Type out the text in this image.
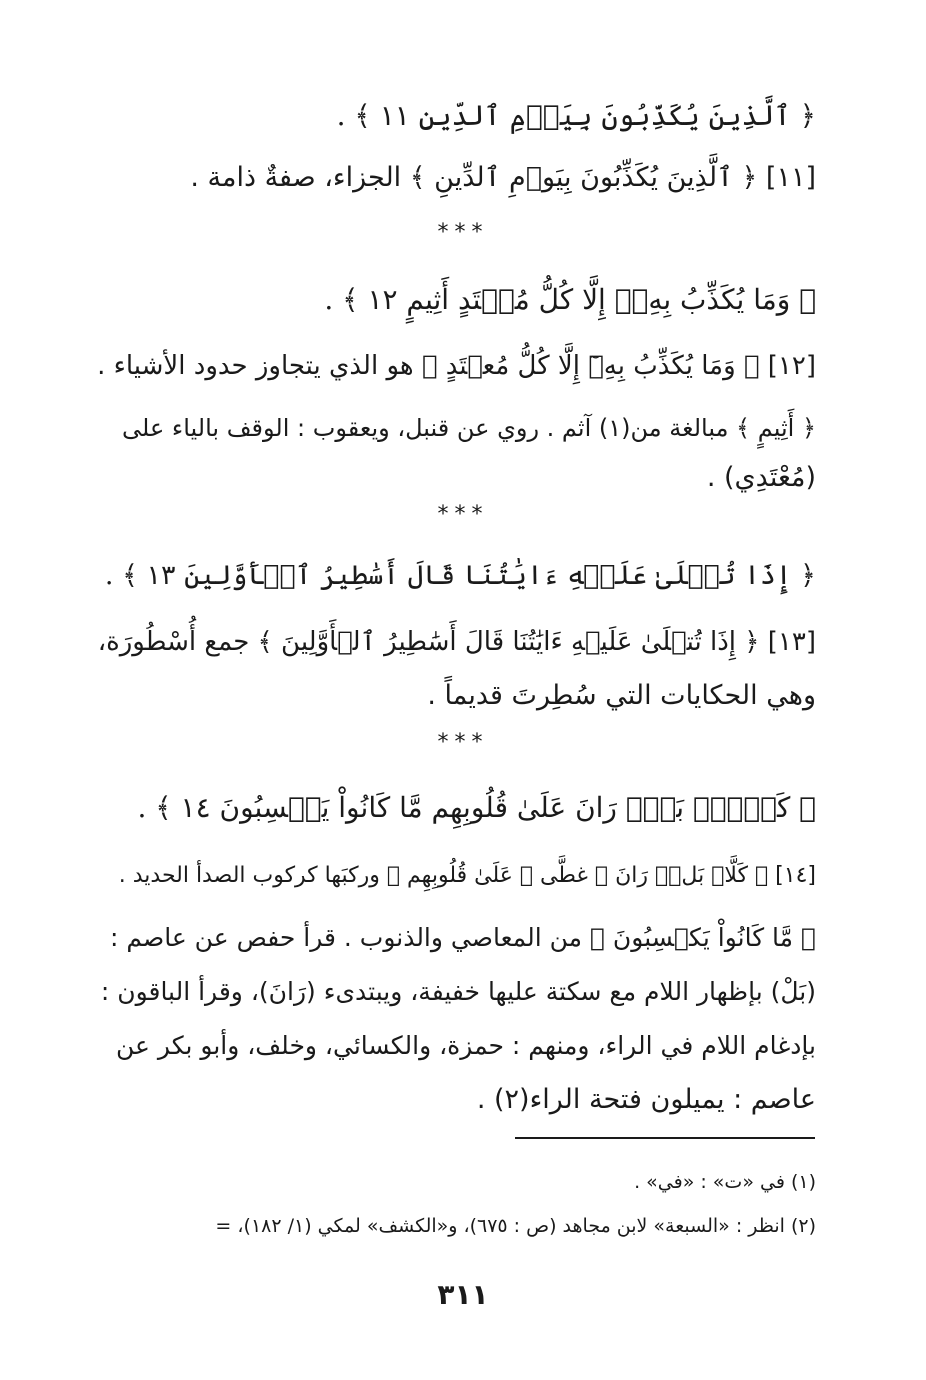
﴿ ٱلَّذِينَ يُكَذِّبُونَ بِيَوۡمِ ٱلدِّينِ ١١ ﴾ .
[١١] ﴿ ٱلَّذِينَ يُكَذِّبُونَ بِيَوۡمِ ٱلدِّينِ ﴾ الجزاء، صفةٌ ذامة .
***
﴿ وَمَا يُكَذِّبُ بِهِۦٓ إِلَّا كُلُّ مُعۡتَدٍ أَثِيمٍ ١٢ ﴾ .
[١٢] ﴿ وَمَا يُكَذِّبُ بِهِۦٓ إِلَّا كُلُّ مُعۡتَدٍ ﴾ هو الذي يتجاوز حدود الأشياء .
﴿ أَثِيمٍ ﴾ مبالغة من(١) آثم . روي عن قنبل، ويعقوب : الوقف بالياء على
(مُعْتَدِي) .
***
﴿ إِذَا تُتۡلَىٰ عَلَيۡهِ ءَايَٰتُنَا قَالَ أَسَٰطِيرُ ٱلۡأَوَّلِينَ ١٣ ﴾ .
[١٣] ﴿ إِذَا تُتۡلَىٰ عَلَيۡهِ ءَايَٰتُنَا قَالَ أَسَٰطِيرُ ٱلۡأَوَّلِينَ ﴾ جمع أُسْطُورَة،
وهي الحكايات التي سُطِرتَ قديماً .
***
﴿ كَلَّاۖ بَلۡۜ رَانَ عَلَىٰ قُلُوبِهِم مَّا كَانُواْ يَكۡسِبُونَ ١٤ ﴾ .
[١٤] ﴿ كَلَّاۖ بَلۡۜ رَانَ ﴾ غطَّى ﴿ عَلَىٰ قُلُوبِهِم ﴾ وركبَها كركوب الصدأ الحديد .
﴿ مَّا كَانُواْ يَكۡسِبُونَ ﴾ من المعاصي والذنوب . قرأ حفص عن عاصم :
(بَلْ) بإظهار اللام مع سكتة عليها خفيفة، ويبتدىء (رَانَ)، وقرأ الباقون :
بإدغام اللام في الراء، ومنهم : حمزة، والكسائي، وخلف، وأبو بكر عن
عاصم : يميلون فتحة الراء(٢) .
(١) في «ت» : «في» .
(٢) انظر : «السبعة» لابن مجاهد (ص : ٦٧٥)، و«الكشف» لمكي (١/ ١٨٢)، =
٣١١
